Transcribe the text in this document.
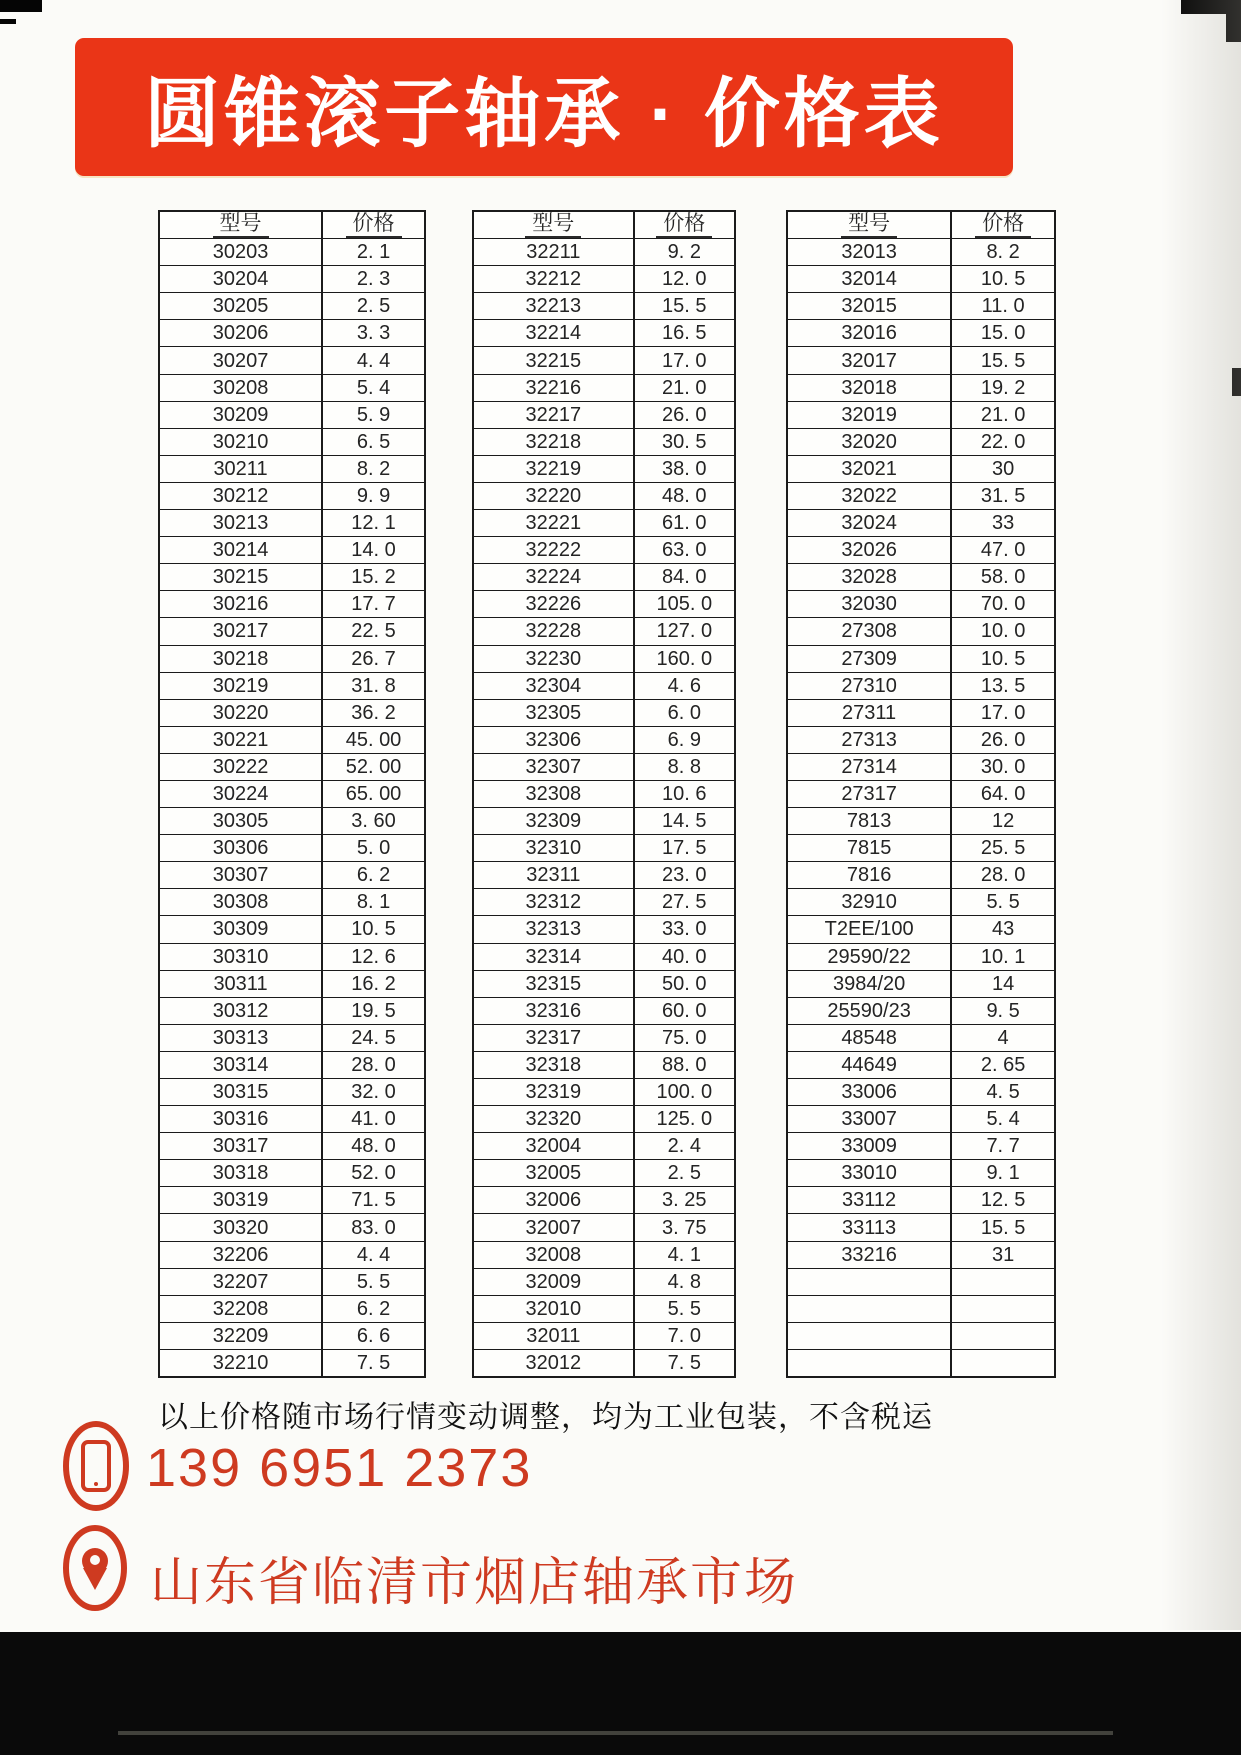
圆锥滚子轴承 · 价格表
型号	价格
30203	2. 1
30204	2. 3
30205	2. 5
30206	3. 3
30207	4. 4
30208	5. 4
30209	5. 9
30210	6. 5
30211	8. 2
30212	9. 9
30213	12. 1
30214	14. 0
30215	15. 2
30216	17. 7
30217	22. 5
30218	26. 7
30219	31. 8
30220	36. 2
30221	45. 00
30222	52. 00
30224	65. 00
30305	3. 60
30306	5. 0
30307	6. 2
30308	8. 1
30309	10. 5
30310	12. 6
30311	16. 2
30312	19. 5
30313	24. 5
30314	28. 0
30315	32. 0
30316	41. 0
30317	48. 0
30318	52. 0
30319	71. 5
30320	83. 0
32206	4. 4
32207	5. 5
32208	6. 2
32209	6. 6
32210	7. 5
型号	价格
32211	9. 2
32212	12. 0
32213	15. 5
32214	16. 5
32215	17. 0
32216	21. 0
32217	26. 0
32218	30. 5
32219	38. 0
32220	48. 0
32221	61. 0
32222	63. 0
32224	84. 0
32226	105. 0
32228	127. 0
32230	160. 0
32304	4. 6
32305	6. 0
32306	6. 9
32307	8. 8
32308	10. 6
32309	14. 5
32310	17. 5
32311	23. 0
32312	27. 5
32313	33. 0
32314	40. 0
32315	50. 0
32316	60. 0
32317	75. 0
32318	88. 0
32319	100. 0
32320	125. 0
32004	2. 4
32005	2. 5
32006	3. 25
32007	3. 75
32008	4. 1
32009	4. 8
32010	5. 5
32011	7. 0
32012	7. 5
型号	价格
32013	8. 2
32014	10. 5
32015	11. 0
32016	15. 0
32017	15. 5
32018	19. 2
32019	21. 0
32020	22. 0
32021	30
32022	31. 5
32024	33
32026	47. 0
32028	58. 0
32030	70. 0
27308	10. 0
27309	10. 5
27310	13. 5
27311	17. 0
27313	26. 0
27314	30. 0
27317	64. 0
7813	12
7815	25. 5
7816	28. 0
32910	5. 5
T2EE/100	43
29590/22	10. 1
3984/20	14
25590/23	9. 5
48548	4
44649	2. 65
33006	4. 5
33007	5. 4
33009	7. 7
33010	9. 1
33112	12. 5
33113	15. 5
33216	31
以上价格随市场行情变动调整，均为工业包装，不含税运
139 6951 2373
山东省临清市烟店轴承市场
